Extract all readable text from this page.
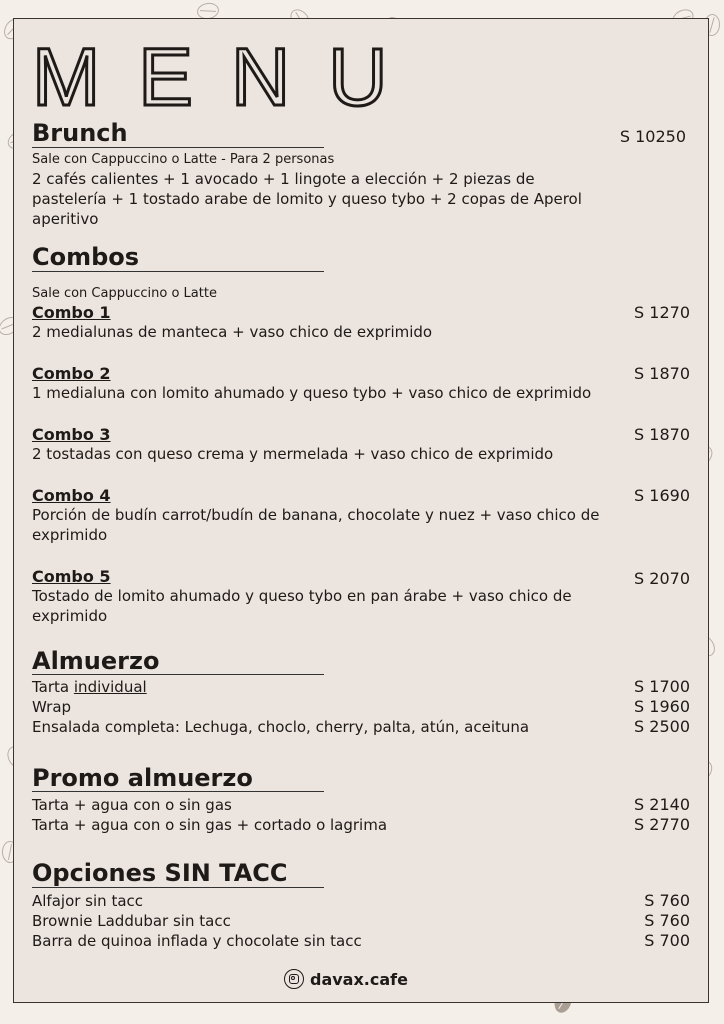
MENU
Brunch	S 10250
Sale con Cappuccino o Latte - Para 2 personas
2 cafés calientes + 1 avocado + 1 lingote a elección + 2 piezas de
pastelería + 1 tostado arabe de lomito y queso tybo + 2 copas de Aperol
aperitivo
Combos
Sale con Cappuccino o Latte
Combo 1	S 1270
2 medialunas de manteca + vaso chico de exprimido
Combo 2	S 1870
1 medialuna con lomito ahumado y queso tybo + vaso chico de exprimido
Combo 3	S 1870
2 tostadas con queso crema y mermelada + vaso chico de exprimido
Combo 4	S 1690
Porción de budín carrot/budín de banana, chocolate y nuez + vaso chico de exprimido
Combo 5	S 2070
Tostado de lomito ahumado y queso tybo en pan árabe + vaso chico de exprimido
Almuerzo
Tarta individual	S 1700
Wrap	S 1960
Ensalada completa: Lechuga, choclo, cherry, palta, atún, aceituna	S 2500
Promo almuerzo
Tarta + agua con o sin gas	S 2140
Tarta + agua con o sin gas + cortado o lagrima	S 2770
Opciones SIN TACC
Alfajor sin tacc	S 760
Brownie Laddubar sin tacc	S 760
Barra de quinoa inflada y chocolate sin tacc	S 700
davax.cafe
